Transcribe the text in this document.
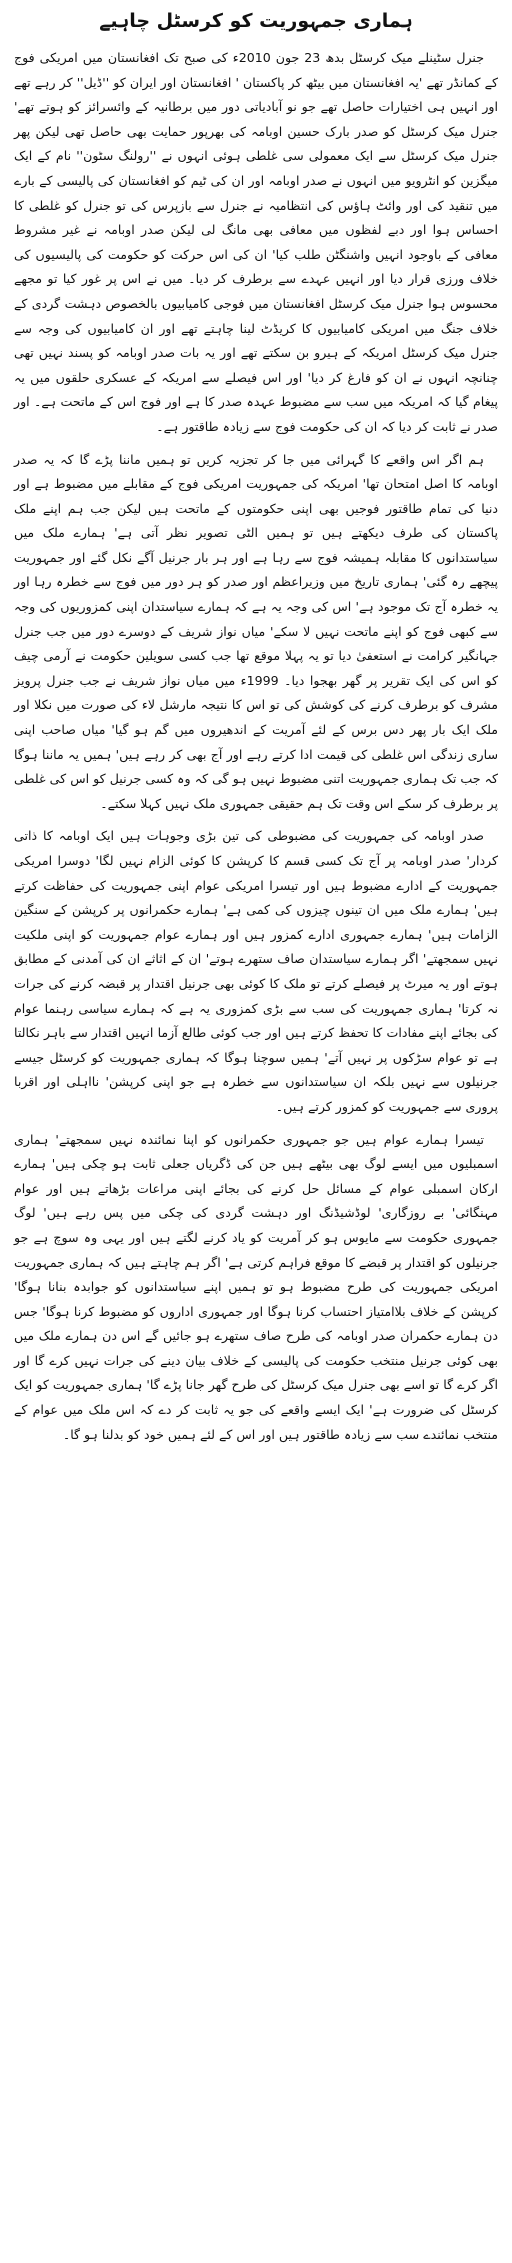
ہماری جمہوریت کو کرسٹل چاہیے

جنرل سٹینلے میک کرسٹل بدھ 23 جون 2010ء کی صبح تک افغانستان میں امریکی فوج کے کمانڈر تھے 'یہ افغانستان میں بیٹھ کر پاکستان ' افغانستان اور ایران کو ''ڈیل'' کر رہے تھے اور انہیں ہی اختیارات حاصل تھے جو نو آبادیاتی دور میں برطانیہ کے وائسرائز کو ہوتے تھے' جنرل میک کرسٹل کو صدر بارک حسین اوبامہ کی بھرپور حمایت بھی حاصل تھی لیکن پھر جنرل میک کرسٹل سے ایک معمولی سی غلطی ہوئی انہوں نے ''رولنگ سٹون'' نام کے ایک میگزین کو انٹرویو میں انہوں نے صدر اوبامہ اور ان کی ٹیم کو افغانستان کی پالیسی کے بارے میں تنقید کی اور وائٹ ہاؤس کی انتظامیہ نے جنرل سے بازپرس کی تو جنرل کو غلطی کا احساس ہوا اور دبے لفظوں میں معافی بھی مانگ لی لیکن صدر اوبامہ نے غیر مشروط معافی کے باوجود انہیں واشنگٹن طلب کیا' ان کی اس حرکت کو حکومت کی پالیسیوں کی خلاف ورزی قرار دیا اور انہیں عہدے سے برطرف کر دیا۔ میں نے اس پر غور کیا تو مجھے محسوس ہوا جنرل میک کرسٹل افغانستان میں فوجی کامیابیوں بالخصوص دہشت گردی کے خلاف جنگ میں امریکی کامیابیوں کا کریڈٹ لینا چاہتے تھے اور ان کامیابیوں کی وجہ سے جنرل میک کرسٹل امریکہ کے ہیرو بن سکتے تھے اور یہ بات صدر اوبامہ کو پسند نہیں تھی چنانچہ انہوں نے ان کو فارغ کر دیا' اور اس فیصلے سے امریکہ کے عسکری حلقوں میں یہ پیغام گیا کہ امریکہ میں سب سے مضبوط عہدہ صدر کا ہے اور فوج اس کے ماتحت ہے۔ اور صدر نے ثابت کر دیا کہ ان کی حکومت فوج سے زیادہ طاقتور ہے۔

ہم اگر اس واقعے کا گہرائی میں جا کر تجزیہ کریں تو ہمیں ماننا پڑے گا کہ یہ صدر اوبامہ کا اصل امتحان تھا' امریکہ کی جمہوریت امریکی فوج کے مقابلے میں مضبوط ہے اور دنیا کی تمام طاقتور فوجیں بھی اپنی حکومتوں کے ماتحت ہیں لیکن جب ہم اپنے ملک پاکستان کی طرف دیکھتے ہیں تو ہمیں الٹی تصویر نظر آتی ہے' ہمارے ملک میں سیاستدانوں کا مقابلہ ہمیشہ فوج سے رہا ہے اور ہر بار جرنیل آگے نکل گئے اور جمہوریت پیچھے رہ گئی' ہماری تاریخ میں وزیراعظم اور صدر کو ہر دور میں فوج سے خطرہ رہا اور یہ خطرہ آج تک موجود ہے' اس کی وجہ یہ ہے کہ ہمارے سیاستدان اپنی کمزوریوں کی وجہ سے کبھی فوج کو اپنے ماتحت نہیں لا سکے' میاں نواز شریف کے دوسرے دور میں جب جنرل جہانگیر کرامت نے استعفیٰ دیا تو یہ پہلا موقع تھا جب کسی سویلین حکومت نے آرمی چیف کو اس کی ایک تقریر پر گھر بھجوا دیا۔ 1999ء میں میاں نواز شریف نے جب جنرل پرویز مشرف کو برطرف کرنے کی کوشش کی تو اس کا نتیجہ مارشل لاء کی صورت میں نکلا اور ملک ایک بار پھر دس برس کے لئے آمریت کے اندھیروں میں گم ہو گیا' میاں صاحب اپنی ساری زندگی اس غلطی کی قیمت ادا کرتے رہے اور آج بھی کر رہے ہیں' ہمیں یہ ماننا ہوگا کہ جب تک ہماری جمہوریت اتنی مضبوط نہیں ہو گی کہ وہ کسی جرنیل کو اس کی غلطی پر برطرف کر سکے اس وقت تک ہم حقیقی جمہوری ملک نہیں کہلا سکتے۔

صدر اوبامہ کی جمہوریت کی مضبوطی کی تین بڑی وجوہات ہیں ایک اوبامہ کا ذاتی کردار' صدر اوبامہ پر آج تک کسی قسم کا کرپشن کا کوئی الزام نہیں لگا' دوسرا امریکی جمہوریت کے ادارے مضبوط ہیں اور تیسرا امریکی عوام اپنی جمہوریت کی حفاظت کرتے ہیں' ہمارے ملک میں ان تینوں چیزوں کی کمی ہے' ہمارے حکمرانوں پر کرپشن کے سنگین الزامات ہیں' ہمارے جمہوری ادارے کمزور ہیں اور ہمارے عوام جمہوریت کو اپنی ملکیت نہیں سمجھتے' اگر ہمارے سیاستدان صاف ستھرے ہوتے' ان کے اثاثے ان کی آمدنی کے مطابق ہوتے اور یہ میرٹ پر فیصلے کرتے تو ملک کا کوئی بھی جرنیل اقتدار پر قبضہ کرنے کی جرات نہ کرتا' ہماری جمہوریت کی سب سے بڑی کمزوری یہ ہے کہ ہمارے سیاسی رہنما عوام کی بجائے اپنے مفادات کا تحفظ کرتے ہیں اور جب کوئی طالع آزما انہیں اقتدار سے باہر نکالتا ہے تو عوام سڑکوں پر نہیں آتے' ہمیں سوچنا ہوگا کہ ہماری جمہوریت کو کرسٹل جیسے جرنیلوں سے نہیں بلکہ ان سیاستدانوں سے خطرہ ہے جو اپنی کرپشن' نااہلی اور اقربا پروری سے جمہوریت کو کمزور کرتے ہیں۔

تیسرا ہمارے عوام ہیں جو جمہوری حکمرانوں کو اپنا نمائندہ نہیں سمجھتے' ہماری اسمبلیوں میں ایسے لوگ بھی بیٹھے ہیں جن کی ڈگریاں جعلی ثابت ہو چکی ہیں' ہمارے ارکان اسمبلی عوام کے مسائل حل کرنے کی بجائے اپنی مراعات بڑھاتے ہیں اور عوام مہنگائی' بے روزگاری' لوڈشیڈنگ اور دہشت گردی کی چکی میں پس رہے ہیں' لوگ جمہوری حکومت سے مایوس ہو کر آمریت کو یاد کرنے لگتے ہیں اور یہی وہ سوچ ہے جو جرنیلوں کو اقتدار پر قبضے کا موقع فراہم کرتی ہے' اگر ہم چاہتے ہیں کہ ہماری جمہوریت امریکی جمہوریت کی طرح مضبوط ہو تو ہمیں اپنے سیاستدانوں کو جوابدہ بنانا ہوگا' کرپشن کے خلاف بلاامتیاز احتساب کرنا ہوگا اور جمہوری اداروں کو مضبوط کرنا ہوگا' جس دن ہمارے حکمران صدر اوبامہ کی طرح صاف ستھرے ہو جائیں گے اس دن ہمارے ملک میں بھی کوئی جرنیل منتخب حکومت کی پالیسی کے خلاف بیان دینے کی جرات نہیں کرے گا اور اگر کرے گا تو اسے بھی جنرل میک کرسٹل کی طرح گھر جانا پڑے گا' ہماری جمہوریت کو ایک کرسٹل کی ضرورت ہے' ایک ایسے واقعے کی جو یہ ثابت کر دے کہ اس ملک میں عوام کے منتخب نمائندے سب سے زیادہ طاقتور ہیں اور اس کے لئے ہمیں خود کو بدلنا ہو گا۔
